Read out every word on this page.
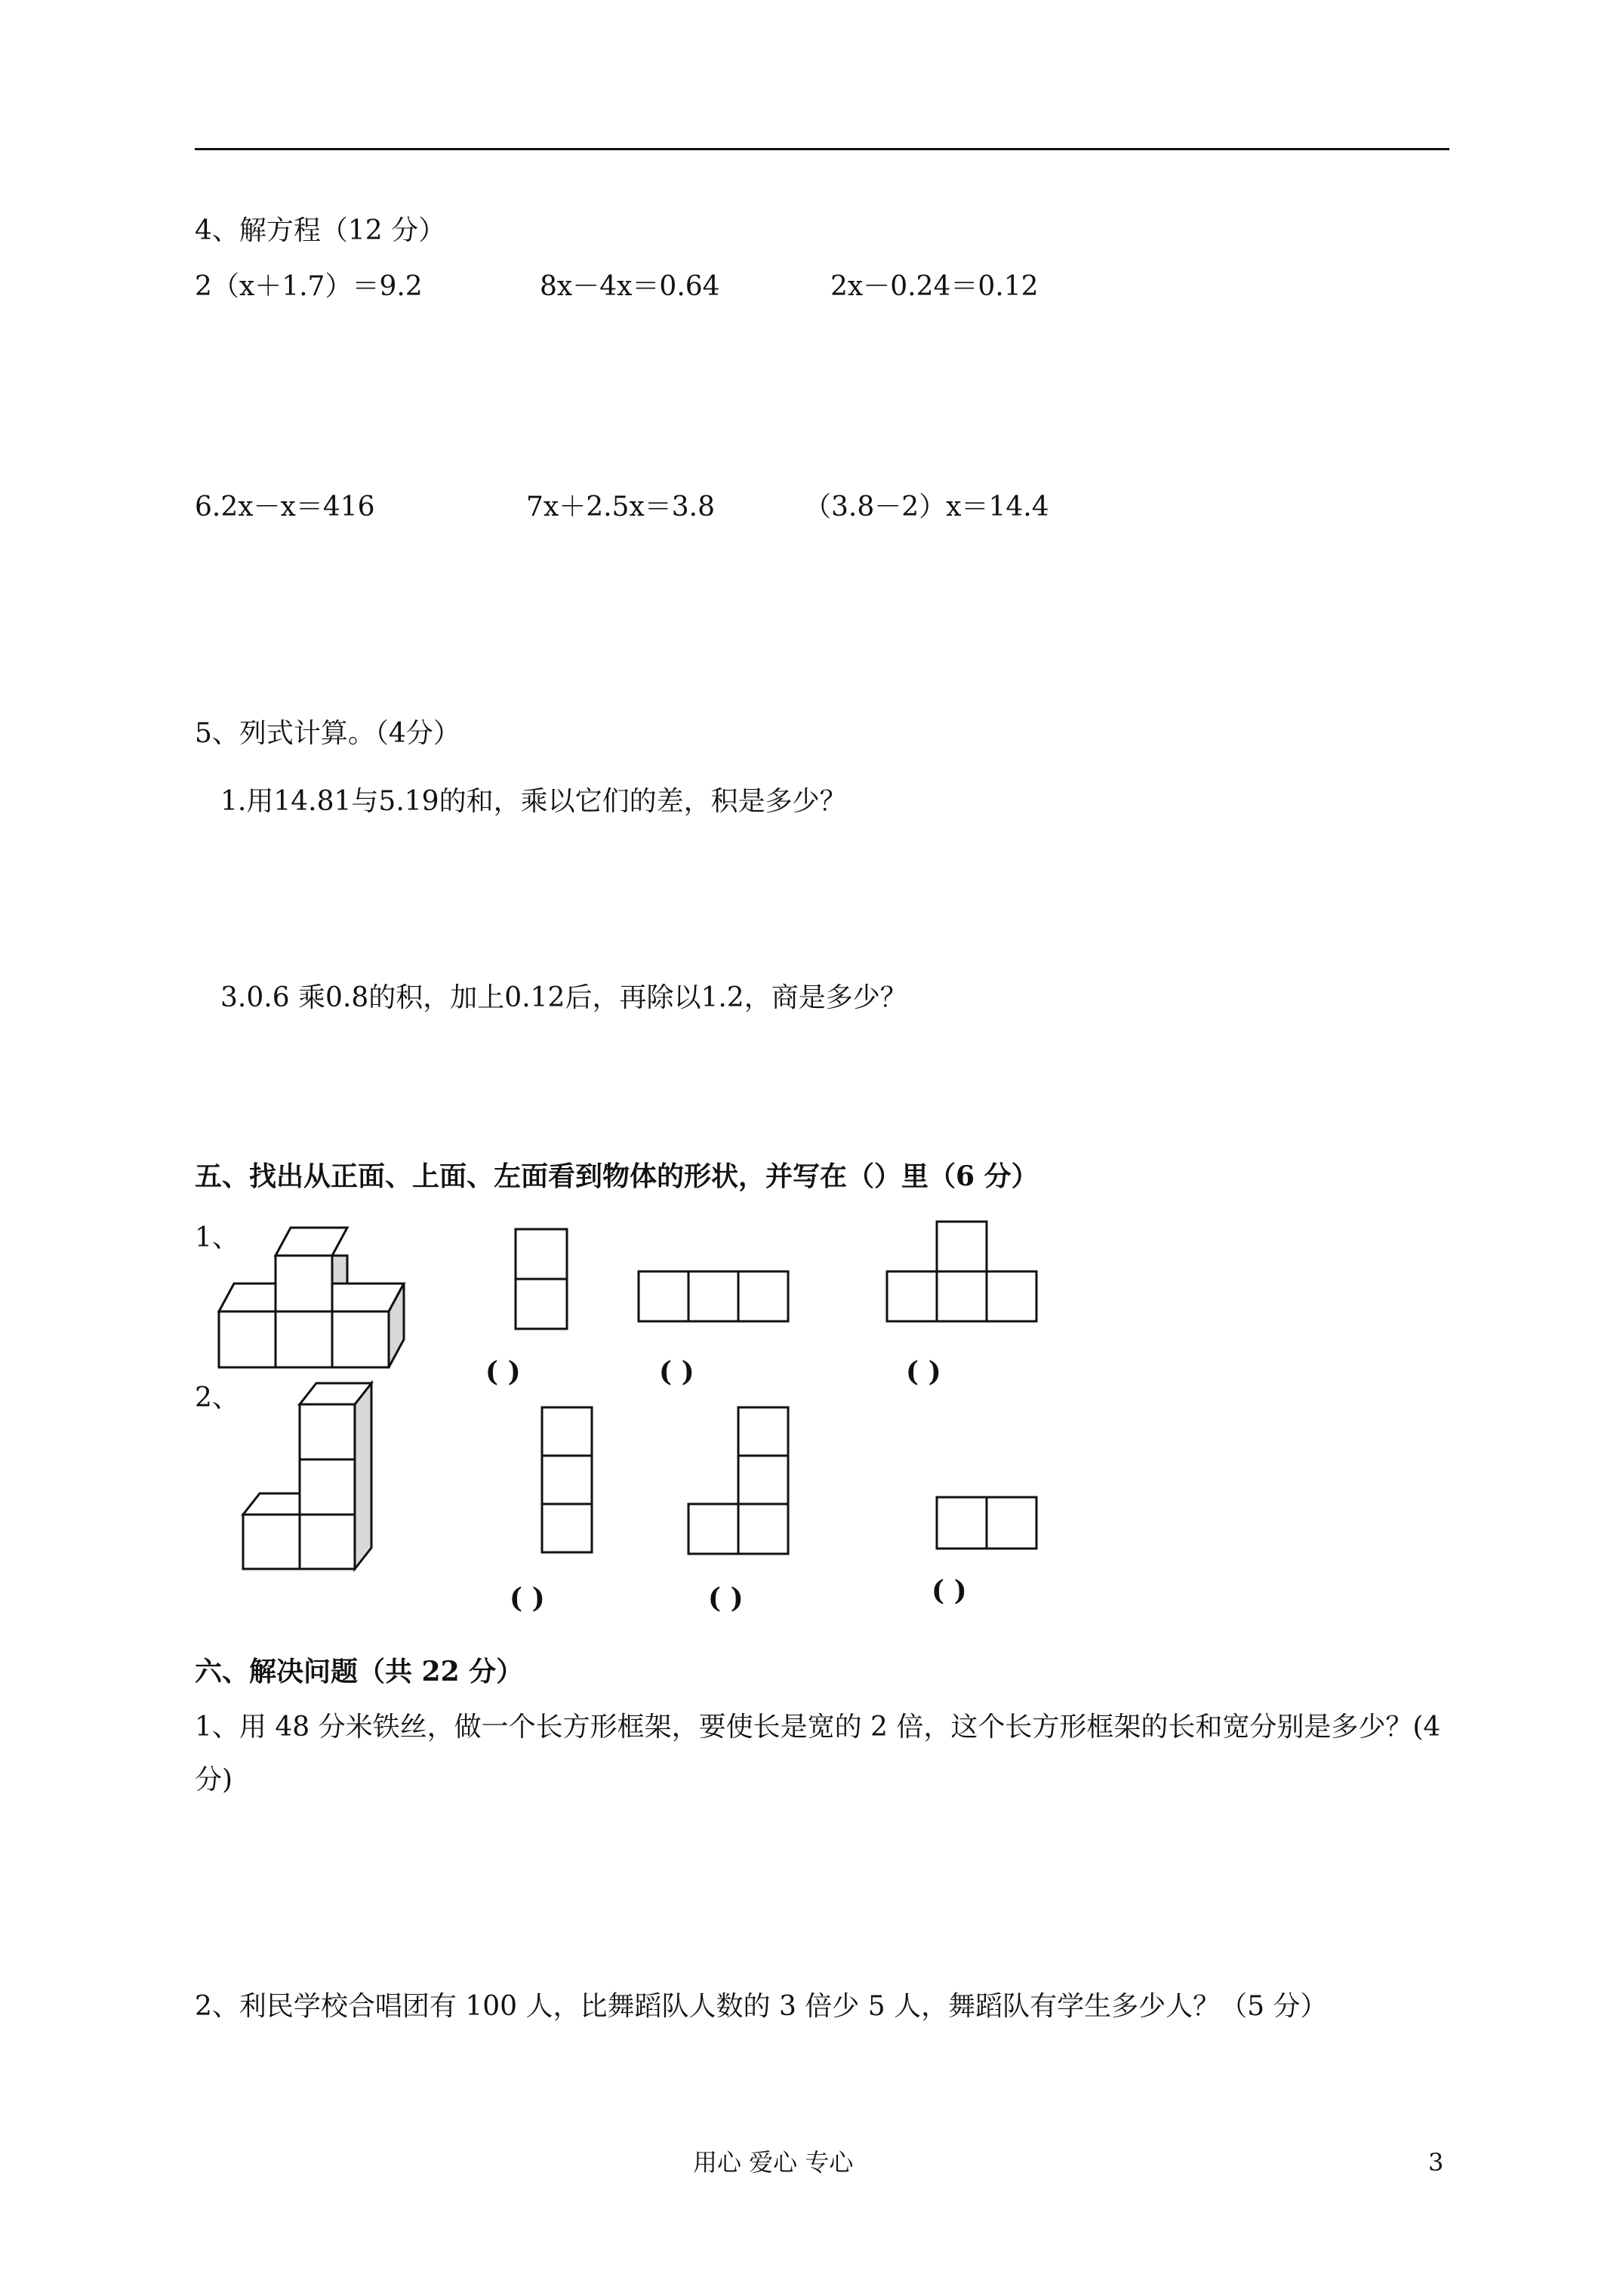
4、解方程（12 分）
2（x＋1.7）＝9.2	8x－4x＝0.64	2x－0.24＝0.12
6.2x－x＝416	7x＋2.5x＝3.8	（3.8－2）x＝14.4
5、列式计算。（4分）
1.用14.81与5.19的和，乘以它们的差，积是多少？
3.0.6 乘0.8的积，加上0.12后，再除以1.2，商是多少？
五、找出从正面、上面、左面看到物体的形状，并写在（）里（6 分）
1、
2、
( )	( )	( )
( )	( )	( )
六、解决问题（共 22 分）
1、用 48 分米铁丝，做一个长方形框架，要使长是宽的 2 倍，这个长方形框架的长和宽分别是多少？(4
分)
2、利民学校合唱团有 100 人，比舞蹈队人数的 3 倍少 5 人，舞蹈队有学生多少人？（5 分）
用心 爱心 专心	3
